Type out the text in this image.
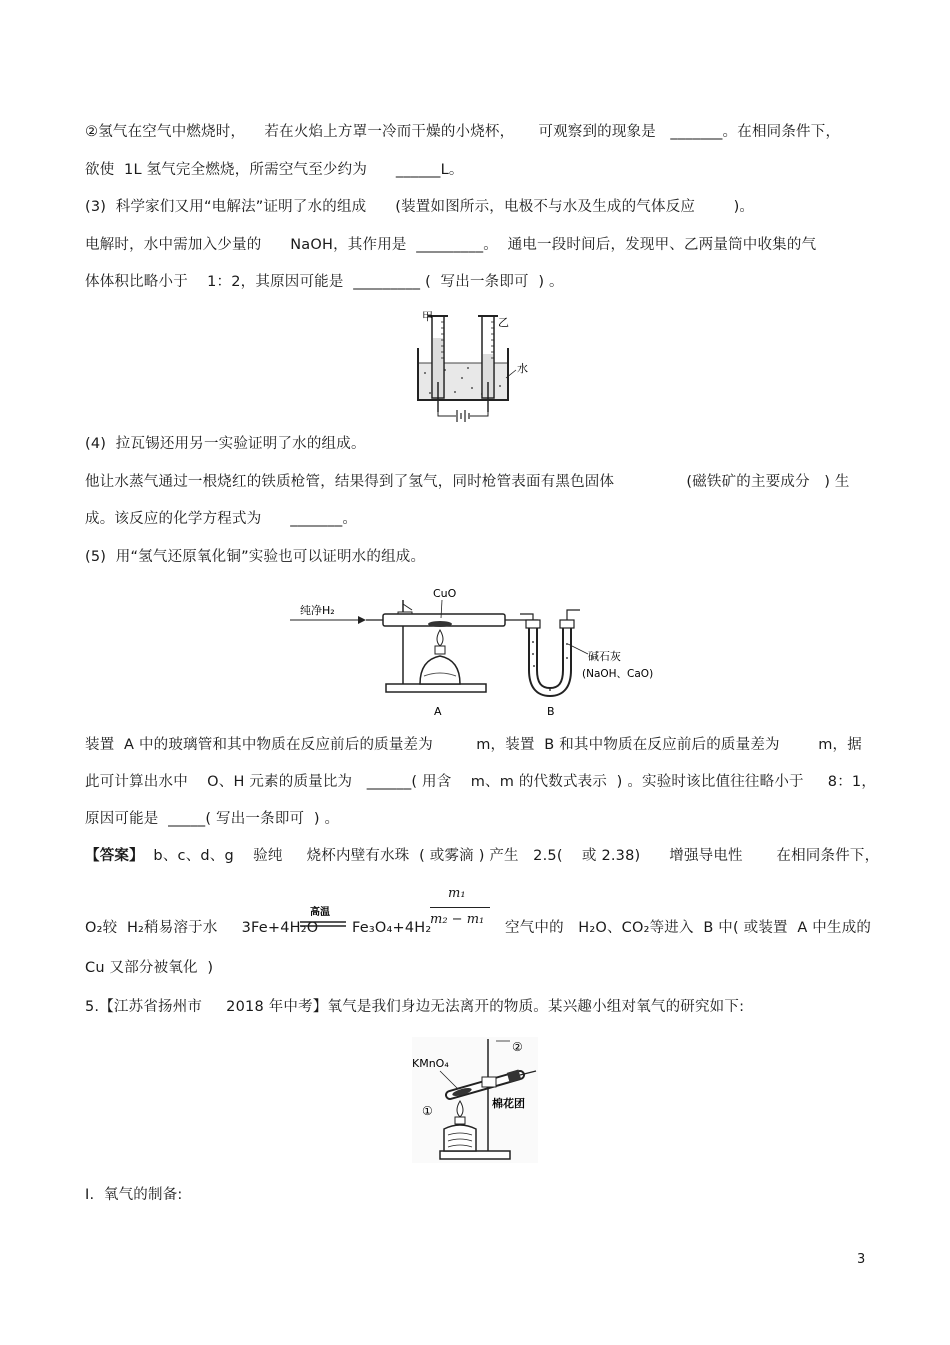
②氢气在空气中燃烧时，    若在火焰上方罩一冷而干燥的小烧杯，     可观察到的现象是   _______。在相同条件下，
欲使  1L 氢气完全燃烧，所需空气至少约为      ______L。
(3)  科学家们又用“电解法”证明了水的组成      (装置如图所示，电极不与水及生成的气体反应        )。
电解时，水中需加入少量的      NaOH，其作用是  _________。  通电一段时间后，发现甲、乙两量筒中收集的气
体体积比略小于    1：2，其原因可能是  _________ (  写出一条即可  ) 。
甲	乙
水
(4)  拉瓦锡还用另一实验证明了水的组成。
他让水蒸气通过一根烧红的铁质枪管，结果得到了氢气，同时枪管表面有黑色固体               (磁铁矿的主要成分   ) 生
成。该反应的化学方程式为      _______。
(5)  用“氢气还原氧化铜”实验也可以证明水的组成。
纯净H₂
CuO
碱石灰
(NaOH、CaO)
A	B
装置  A 中的玻璃管和其中物质在反应前后的质量差为         m，装置  B 和其中物质在反应前后的质量差为        m，据
此可计算出水中    O、H 元素的质量比为   ______( 用含    m、m 的代数式表示  ) 。实验时该比值往往略小于     8：1，
原因可能是  _____( 写出一条即可  ) 。
【答案】  b、c、d、g    验纯     烧杯内壁有水珠  ( 或雾滴 ) 产生   2.5(    或 2.38)      增强导电性       在相同条件下，
m₁
m₂ − m₁
O₂较  H₂稍易溶于水     3Fe+4H₂O
高温
Fe₃O₄+4H₂	空气中的   H₂O、CO₂等进入  B 中( 或装置  A 中生成的
Cu 又部分被氧化  )
5.【江苏省扬州市     2018 年中考】氧气是我们身边无法离开的物质。某兴趣小组对氧气的研究如下:
KMnO₄
①
②
棉花团
I.  氧气的制备:
3
